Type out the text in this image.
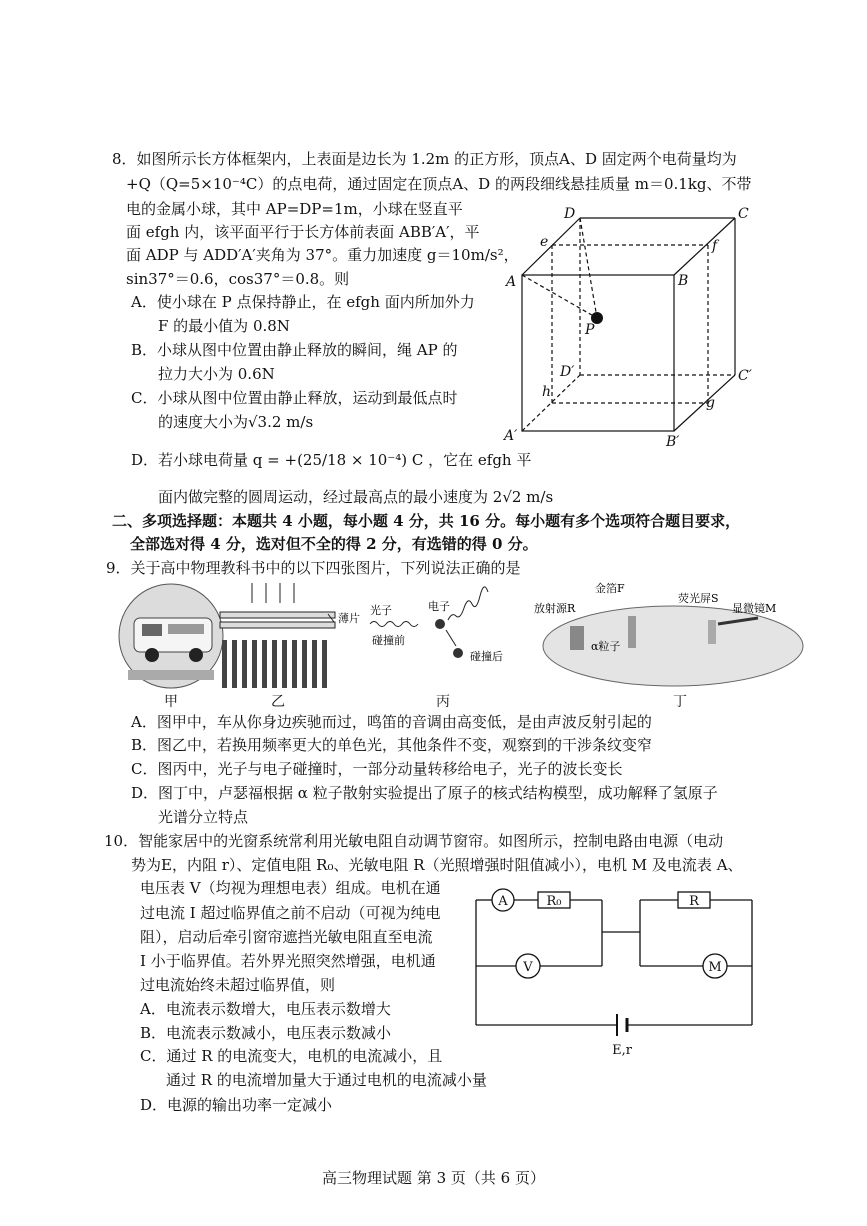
8．如图所示长方体框架内，上表面是边长为 1.2m 的正方形，顶点A、D 固定两个电荷量均为
+Q（Q=5×10⁻⁴C）的点电荷，通过固定在顶点A、D 的两段细线悬挂质量 m＝0.1kg、不带
电的金属小球，其中 AP=DP=1m，小球在竖直平
面 efgh 内，该平面平行于长方体前表面 ABB′A′，平
面 ADP 与 ADD′A′夹角为 37°。重力加速度 g＝10m/s²，
sin37°＝0.6，cos37°＝0.8。则
A．使小球在 P 点保持静止，在 efgh 面内所加外力
F 的最小值为 0.8N
B．小球从图中位置由静止释放的瞬间，绳 AP 的
拉力大小为 0.6N
C．小球从图中位置由静止释放，运动到最低点时
的速度大小为√3.2 m/s
D．若小球电荷量 q = +(25/18 × 10⁻⁴) C ，它在 efgh 平
面内做完整的圆周运动，经过最高点的最小速度为 2√2 m/s
D	C
e	f
A	B
P
D′	C′
h
g
A′	B′
二、多项选择题：本题共 4 小题，每小题 4 分，共 16 分。每小题有多个选项符合题目要求，
全部选对得 4 分，选对但不全的得 2 分，有选错的得 0 分。
9．关于高中物理教科书中的以下四张图片，下列说法正确的是
薄片
光子
碰撞前
电子
碰撞后
放射源R
金箔F
荧光屏S
显微镜M
α粒子
甲	乙	丙	丁
A．图甲中，车从你身边疾驰而过，鸣笛的音调由高变低，是由声波反射引起的
B．图乙中，若换用频率更大的单色光，其他条件不变，观察到的干涉条纹变窄
C．图丙中，光子与电子碰撞时，一部分动量转移给电子，光子的波长变长
D．图丁中，卢瑟福根据 α 粒子散射实验提出了原子的核式结构模型，成功解释了氢原子
光谱分立特点
10．智能家居中的光窗系统常利用光敏电阻自动调节窗帘。如图所示，控制电路由电源（电动
势为E，内阻 r）、定值电阻 R₀、光敏电阻 R（光照增强时阻值减小），电机 M 及电流表 A、
电压表 V（均视为理想电表）组成。电机在通
过电流 I 超过临界值之前不启动（可视为纯电
阻），启动后牵引窗帘遮挡光敏电阻直至电流
I 小于临界值。若外界光照突然增强，电机通
过电流始终未超过临界值，则
A．电流表示数增大，电压表示数增大
B．电流表示数减小，电压表示数减小
C．通过 R 的电流变大，电机的电流减小，且
通过 R 的电流增加量大于通过电机的电流减小量
D．电源的输出功率一定减小
A	R₀
V
R
M
E,r
高三物理试题 第 3 页（共 6 页）
